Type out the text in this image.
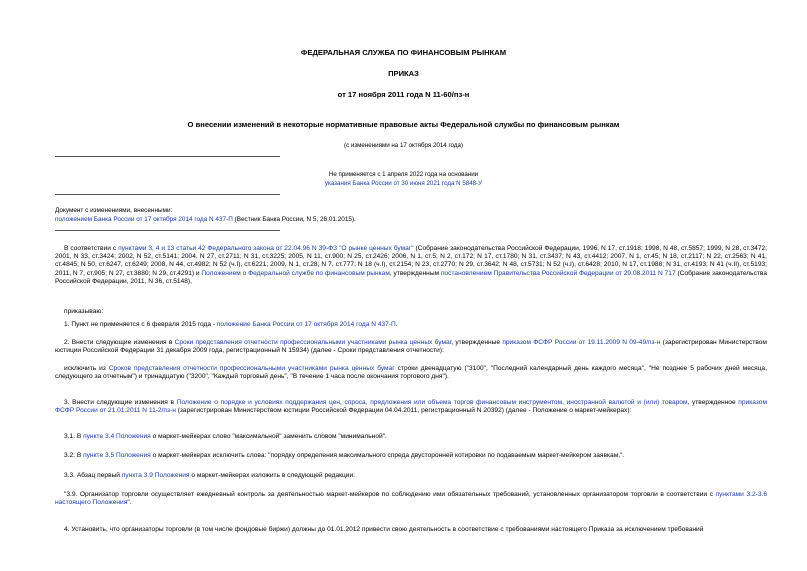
ФЕДЕРАЛЬНАЯ СЛУЖБА ПО ФИНАНСОВЫМ РЫНКАМ
ПРИКАЗ
от 17 ноября 2011 года N 11-60/пз-н
О внесении изменений в некоторые нормативные правовые акты Федеральной службы по финансовым рынкам
(с изменениями на 17 октября 2014 года)
Не применяется с 1 апреля 2022 года на основании
указания Банка России от 30 июня 2021 года N 5848-У
Документ с изменениями, внесенными:
положением Банка России от 17 октября 2014 года N 437-П (Вестник Банка России, N 5, 26.01.2015).

В соответствии с пунктами 3, 4 и 13 статьи 42 Федерального закона от 22.04.96 N 39-ФЗ "О рынке ценных бумаг" (Собрание законодательства Российской Федерации, 1996, N 17, ст.1918; 1998, N 48, ст.5857; 1999, N 28, ст.3472; 2001, N 33, ст.3424; 2002, N 52, ст.5141; 2004, N 27, ст.2711; N 31, ст.3225; 2005, N 11, ст.900; N 25, ст.2426; 2006, N 1, ст.5; N 2, ст.172; N 17, ст.1780; N 31, ст.3437; N 43, ст.4412; 2007, N 1, ст.45; N 18, ст.2117; N 22, ст.2563; N 41, ст.4845; N 50, ст.6247, ст.6249; 2008, N 44, ст.4982; N 52 (ч.I), ст.6221; 2009, N 1, ст.28; N 7, ст.777; N 18 (ч.I), ст.2154; N 23, ст.2770; N 29, ст.3642; N 48, ст.5731; N 52 (ч.I), ст.6428; 2010, N 17, ст.1988; N 31, ст.4193; N 41 (ч.II), ст.5193; 2011, N 7, ст.905; N 27, ст.3880; N 29, ст.4291) и Положением о Федеральной службе по финансовым рынкам, утвержденным постановлением Правительства Российской Федерации от 29.08.2011 N 717 (Собрание законодательства Российской Федерации, 2011, N 36, ст.5148),

приказываю:

1. Пункт не применяется с 6 февраля 2015 года - положение Банка России от 17 октября 2014 года N 437-П.

2. Внести следующие изменения в Сроки представления отчетности профессиональными участниками рынка ценных бумаг, утвержденные приказом ФСФР России от 19.11.2009 N 09-49/пз-н (зарегистрирован Министерством юстиции Российской Федерации 31 декабря 2009 года, регистрационный N 15934) (далее - Сроки представления отчетности):

исключить из Сроков представления отчетности профессиональными участниками рынка ценных бумаг строки двенадцатую ("3100", "Последний календарный день каждого месяца", "Не позднее 5 рабочих дней месяца, следующего за отчетным") и тринадцатую ("3200", "Каждый торговый день", "В течение 1 часа после окончания торгового дня").

3. Внести следующие изменения в Положение о порядке и условиях поддержания цен, спроса, предложения или объема торгов финансовым инструментом, иностранной валютой и (или) товаром, утвержденное приказом ФСФР России от 21.01.2011 N 11-2/пз-н (зарегистрирован Министерством юстиции Российской Федерации 04.04.2011, регистрационный N 20392) (далее - Положение о маркет-мейкерах):

3.1. В пункте 3.4 Положения о маркет-мейкерах слово "максимальной" заменить словом "минимальной".

3.2. В пункте 3.5 Положения о маркет-мейкерах исключить слова: "порядку определения максимального спреда двусторонней котировки по подаваемым маркет-мейкером заявкам,".

3.3. Абзац первый пункта 3.9 Положения о маркет-мейкерах изложить в следующей редакции:

"3.9. Организатор торговли осуществляет ежедневный контроль за деятельностью маркет-мейкеров по соблюдению ими обязательных требований, установленных организатором торговли в соответствии с пунктами 3.2-3.6 настоящего Положения".

4. Установить, что организаторы торговли (в том числе фондовые биржи) должны до 01.01.2012 привести свою деятельность в соответствие с требованиями настоящего Приказа за исключением требований
